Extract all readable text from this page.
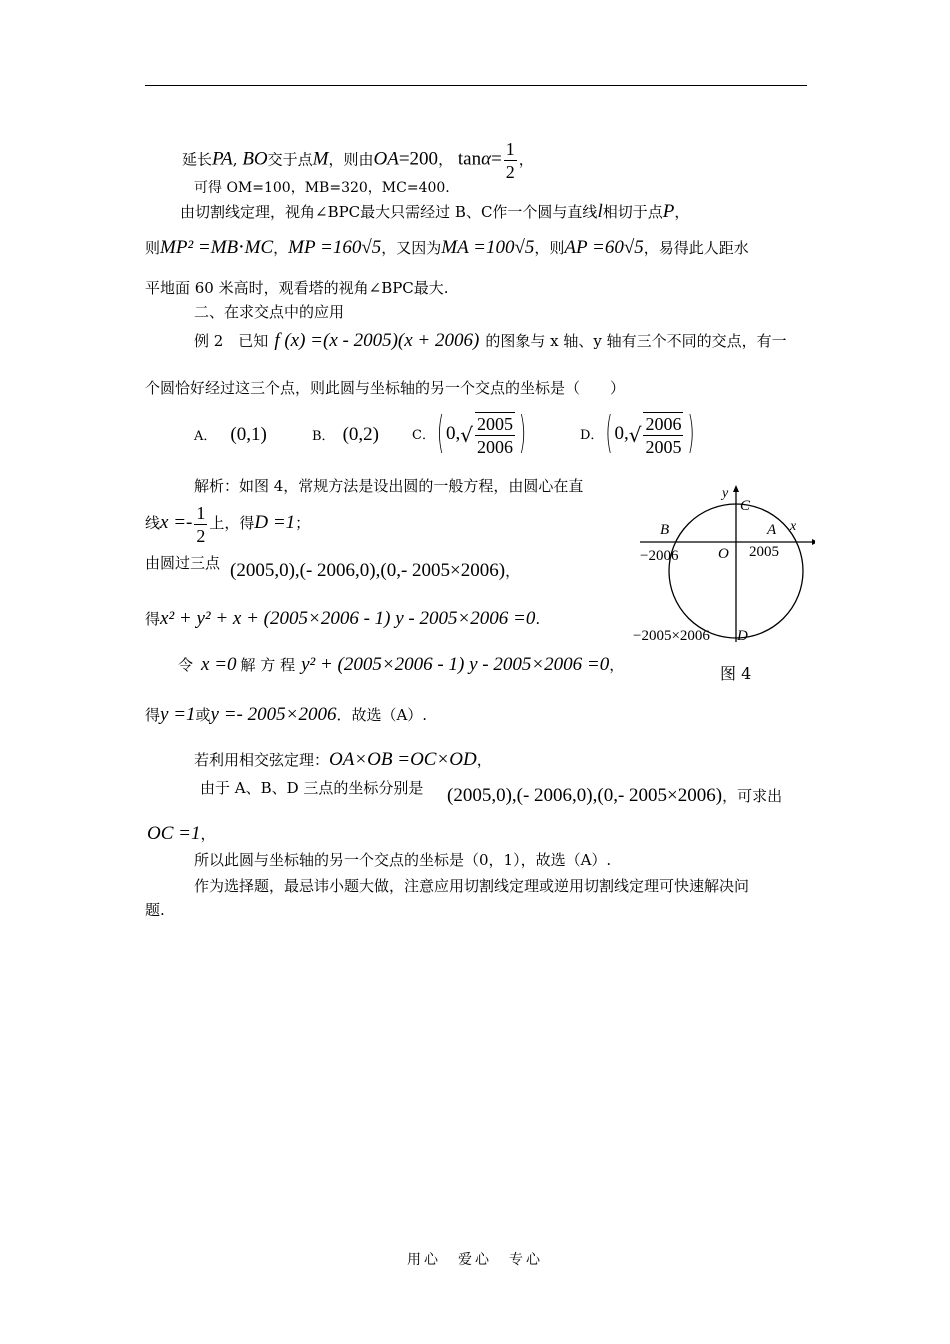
延长PA, BO交于点M，则由OA=200， $\tan\alpha= \frac{1}{2}$ ，
可得 OM=100，MB=320，MC=400.
由切割线定理，视角∠BPC最大只需经过 B、C作一个圆与直线l相切于点P，
则MP² =MB⋅MC，MP =160√5，又因为MA =100√5，则AP =60√5，易得此人距水
平地面 60 米高时，观看塔的视角∠BPC最大.
二、在求交点中的应用
例 2　已知 f (x) =(x - 2005)(x + 2006) 的图象与 x 轴、y 轴有三个不同的交点，有一
个圆恰好经过这三个点，则此圆与坐标轴的另一个交点的坐标是（　　）
A． (0,1)	B． (0,2)	C． ( $0,√ \frac{2005}{2006}$ )	D． ( $0,√ \frac{2006}{2005}$ )
解析：如图 4，常规方法是设出圆的一般方程，由圆心在直
线$x =- \frac{1}{2}$ 上，得D =1；
由圆过三点 (2005,0),(- 2006,0),(0,- 2005×2006)，
得x² + y² + x + (2005×2006 - 1) y - 2005×2006 =0.
令 x =0 解 方 程 y² + (2005×2006 - 1) y - 2005×2006 =0，
得y =1或y =- 2005×2006．故选（A）.
若利用相交弦定理：OA×OB =OC×OD，
由于 A、B、D 三点的坐标分别是 (2005,0),(- 2006,0),(0,- 2005×2006)，可求出
OC =1，
所以此圆与坐标轴的另一个交点的坐标是（0，1），故选（A）.
作为选择题，最忌讳小题大做，注意应用切割线定理或逆用切割线定理可快速解决问
题.
y
x
C
B	A
O
−2006	2005
−2005×2006 D
图 4
用心　爱心　专心
